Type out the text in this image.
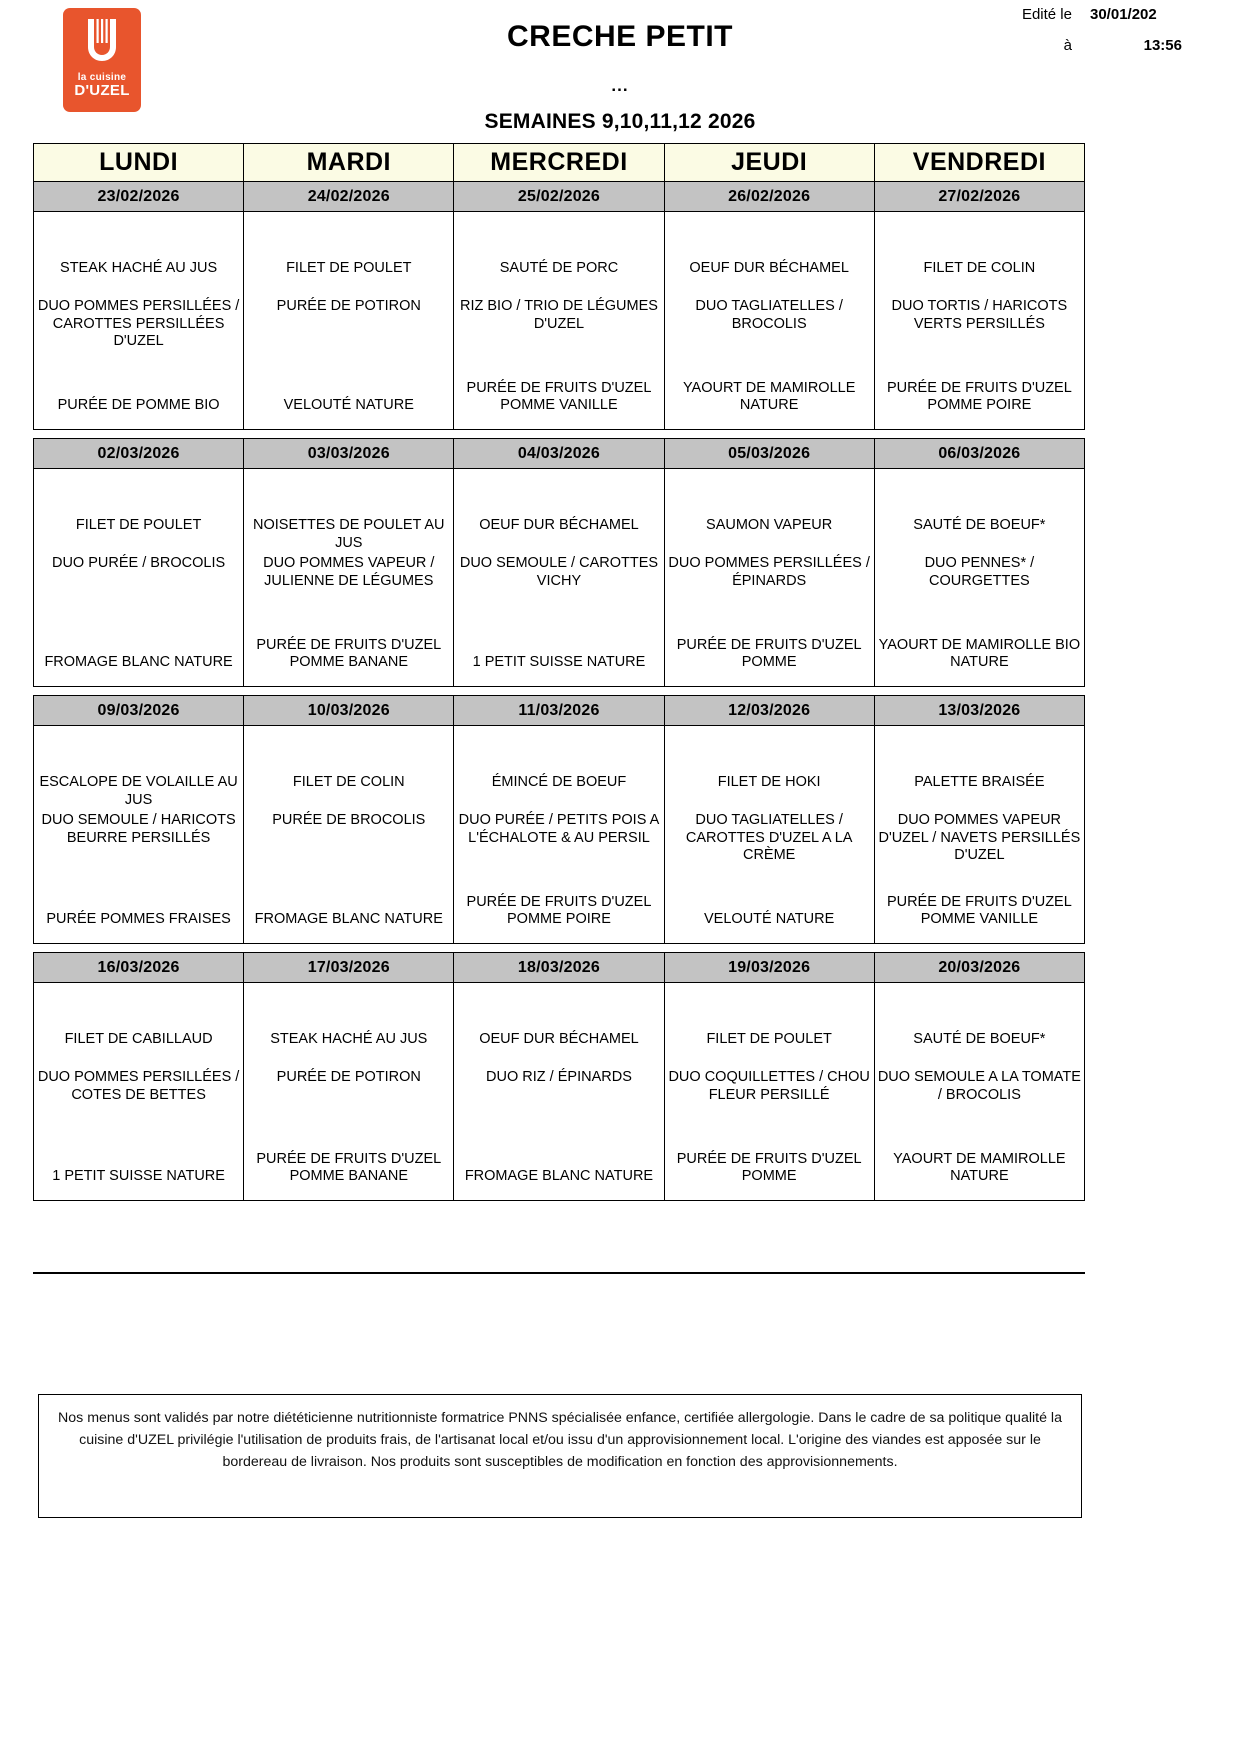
la cuisine
D'UZEL
CRECHE PETIT
...
SEMAINES 9,10,11,12 2026
Edité le 30/01/202
à	13:56
LUNDI	MARDI	MERCREDI	JEUDI	VENDREDI
23/02/2026	24/02/2026	25/02/2026	26/02/2026	27/02/2026

STEAK HACHÉ AU JUS
DUO POMMES PERSILLÉES / CAROTTES PERSILLÉES D'UZEL
PURÉE DE POMME BIO

FILET DE POULET
PURÉE DE POTIRON
VELOUTÉ NATURE

SAUTÉ DE PORC
RIZ BIO / TRIO DE LÉGUMES D'UZEL
PURÉE DE FRUITS D'UZEL POMME VANILLE

OEUF DUR BÉCHAMEL
DUO TAGLIATELLES / BROCOLIS
YAOURT DE MAMIROLLE NATURE

FILET DE COLIN
DUO TORTIS / HARICOTS VERTS PERSILLÉS
PURÉE DE FRUITS D'UZEL POMME POIRE

02/03/2026	03/03/2026	04/03/2026	05/03/2026	06/03/2026

FILET DE POULET
DUO PURÉE / BROCOLIS
FROMAGE BLANC NATURE

NOISETTES DE POULET AU JUS
DUO POMMES VAPEUR / JULIENNE DE LÉGUMES
PURÉE DE FRUITS D'UZEL POMME BANANE

OEUF DUR BÉCHAMEL
DUO SEMOULE / CAROTTES VICHY
1 PETIT SUISSE NATURE

SAUMON VAPEUR
DUO POMMES PERSILLÉES / ÉPINARDS
PURÉE DE FRUITS D'UZEL POMME

SAUTÉ DE BOEUF*
DUO PENNES* / COURGETTES
YAOURT DE MAMIROLLE BIO NATURE

09/03/2026	10/03/2026	11/03/2026	12/03/2026	13/03/2026

ESCALOPE DE VOLAILLE AU JUS
DUO SEMOULE / HARICOTS BEURRE PERSILLÉS
PURÉE POMMES FRAISES

FILET DE COLIN
PURÉE DE BROCOLIS
FROMAGE BLANC NATURE

ÉMINCÉ DE BOEUF
DUO PURÉE / PETITS POIS A L'ÉCHALOTE & AU PERSIL
PURÉE DE FRUITS D'UZEL POMME POIRE

FILET DE HOKI
DUO TAGLIATELLES / CAROTTES D'UZEL A LA CRÈME
VELOUTÉ NATURE

PALETTE BRAISÉE
DUO POMMES VAPEUR D'UZEL / NAVETS PERSILLÉS D'UZEL
PURÉE DE FRUITS D'UZEL POMME VANILLE

16/03/2026	17/03/2026	18/03/2026	19/03/2026	20/03/2026

FILET DE CABILLAUD
DUO POMMES PERSILLÉES / COTES DE BETTES
1 PETIT SUISSE NATURE

STEAK HACHÉ AU JUS
PURÉE DE POTIRON
PURÉE DE FRUITS D'UZEL POMME BANANE

OEUF DUR BÉCHAMEL
DUO RIZ / ÉPINARDS
FROMAGE BLANC NATURE

FILET DE POULET
DUO COQUILLETTES / CHOU FLEUR PERSILLÉ
PURÉE DE FRUITS D'UZEL POMME

SAUTÉ DE BOEUF*
DUO SEMOULE A LA TOMATE / BROCOLIS
YAOURT DE MAMIROLLE NATURE
Nos menus sont validés par notre diététicienne nutritionniste formatrice PNNS spécialisée enfance, certifiée allergologie. Dans le cadre de sa politique qualité la cuisine d'UZEL privilégie l'utilisation de produits frais, de l'artisanat local et/ou issu d'un approvisionnement local. L'origine des viandes est apposée sur le bordereau de livraison. Nos produits sont susceptibles de modification en fonction des approvisionnements.
